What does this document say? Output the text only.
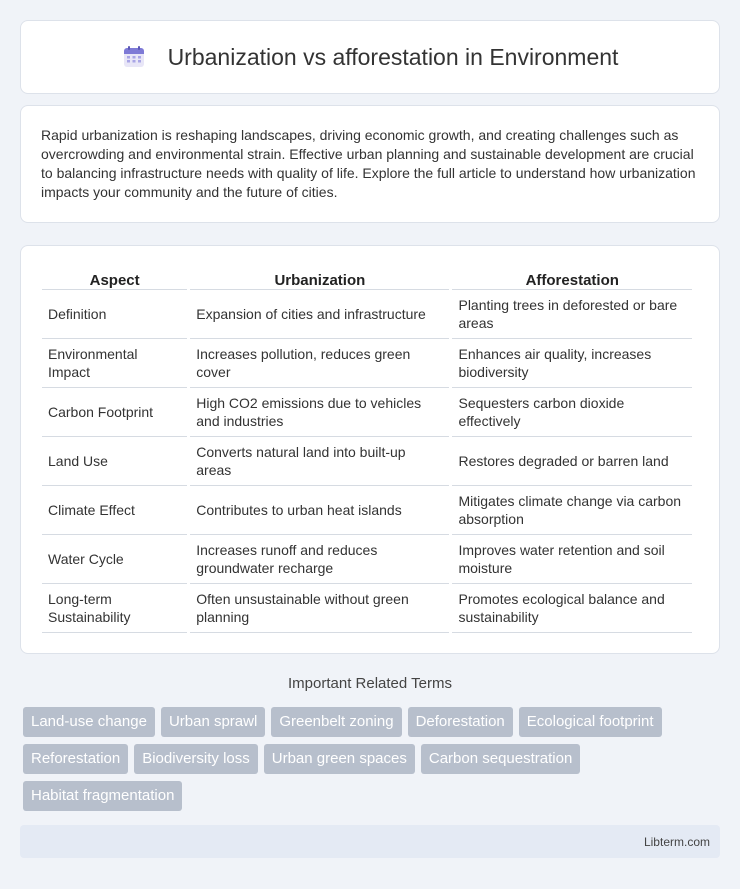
Urbanization vs afforestation in Environment

Rapid urbanization is reshaping landscapes, driving economic growth, and creating challenges such as overcrowding and environmental strain. Effective urban planning and sustainable development are crucial to balancing infrastructure needs with quality of life. Explore the full article to understand how urbanization impacts your community and the future of cities.

Aspect	Urbanization	Afforestation
Definition	Expansion of cities and infrastructure	Planting trees in deforested or bare areas
Environmental Impact	Increases pollution, reduces green cover	Enhances air quality, increases biodiversity
Carbon Footprint	High CO2 emissions due to vehicles and industries	Sequesters carbon dioxide effectively
Land Use	Converts natural land into built-up areas	Restores degraded or barren land
Climate Effect	Contributes to urban heat islands	Mitigates climate change via carbon absorption
Water Cycle	Increases runoff and reduces groundwater recharge	Improves water retention and soil moisture
Long-term Sustainability	Often unsustainable without green planning	Promotes ecological balance and sustainability
Important Related Terms
Land-use change	Urban sprawl	Greenbelt zoning	Deforestation	Ecological footprint
Reforestation	Biodiversity loss	Urban green spaces	Carbon sequestration
Habitat fragmentation
Libterm.com
